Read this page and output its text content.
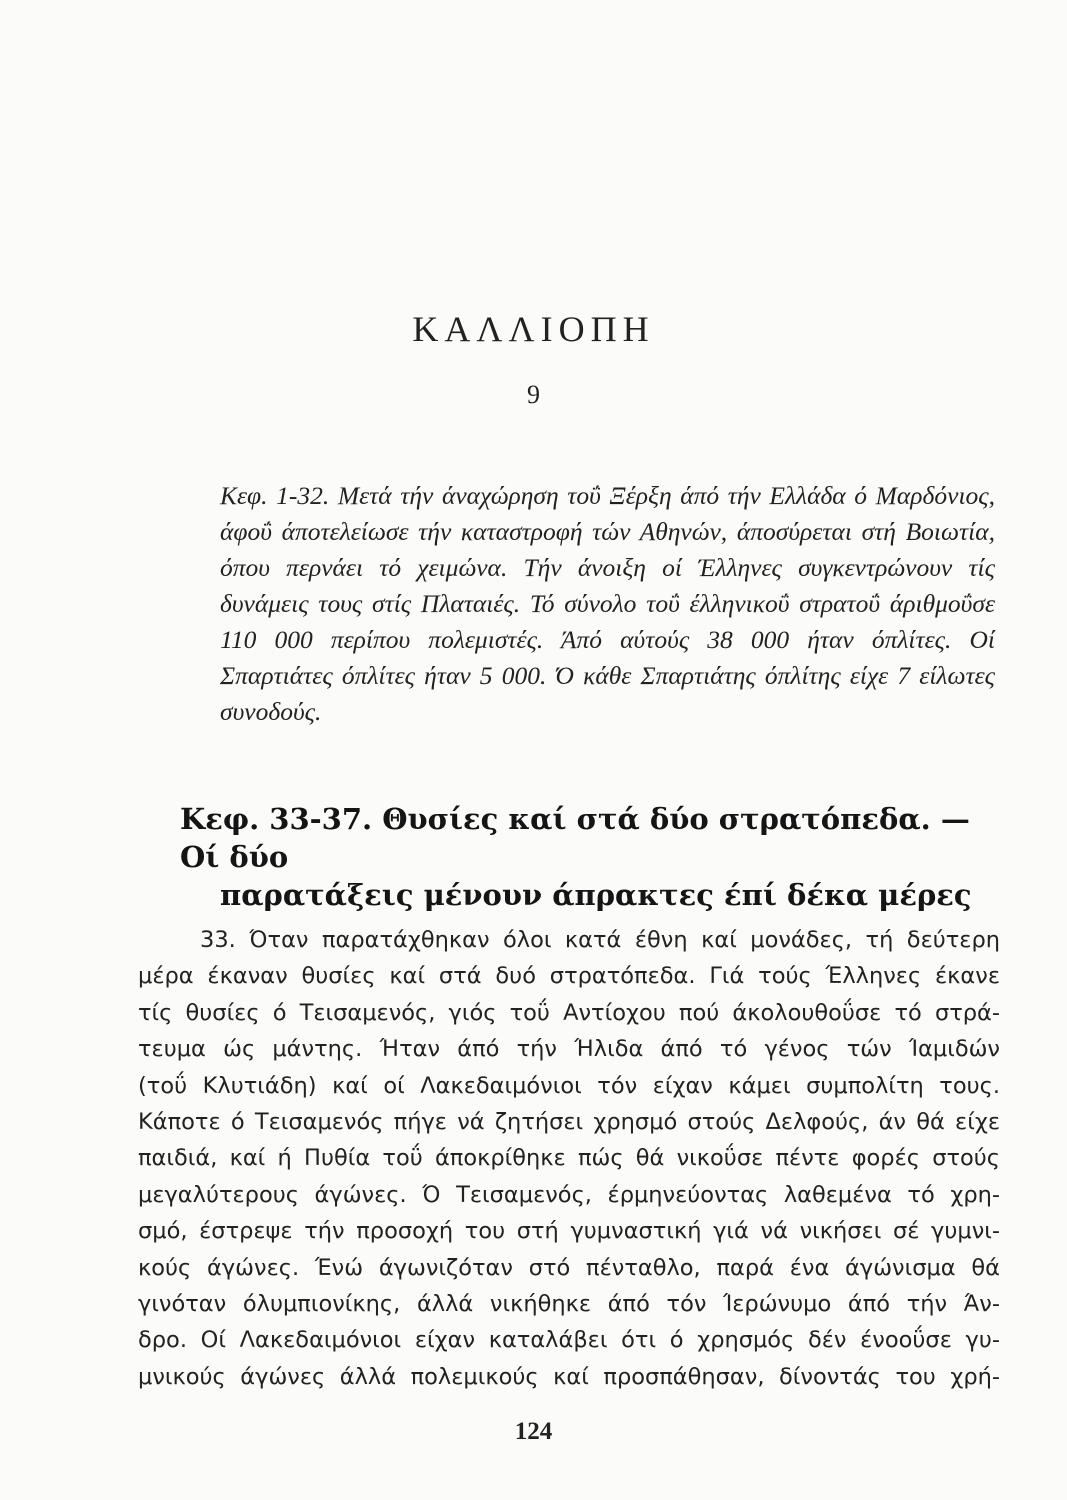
ΚΑΛΛΙΟΠΗ
9
Κεφ. 1-32. Μετά τήν άναχώρηση τοΰ Ξέρξη άπό τήν Ελλάδα ό Μαρδόνιος, άφοΰ άποτελείωσε τήν καταστροφή τών Αθηνών, άποσύρεται στή Βοιωτία, όπου περνάει τό χειμώνα. Τήν άνοιξη οί Έλληνες συγκεντρώνουν τίς δυνάμεις τους στίς Πλαταιές. Τό σύνολο τοΰ έλληνικοΰ στρατοΰ άριθμοΰσε 110 000 περίπου πολεμιστές. Άπό αύτούς 38 000 ήταν όπλίτες. Οί Σπαρτιάτες όπλίτες ήταν 5 000. Ό κάθε Σπαρτιάτης όπλίτης είχε 7 είλωτες συνοδούς.
Κεφ. 33-37. Θυσίες καί στά δύο στρατόπεδα. — Οί δύο
παρατάξεις μένουν άπρακτες έπί δέκα μέρες
33. Όταν παρατάχθηκαν όλοι κατά έθνη καί μονάδες, τή δεύτερη
μέρα έκαναν θυσίες καί στά δυό στρατόπεδα. Γιά τούς Έλληνες έκανε
τίς θυσίες ό Τεισαμενός, γιός τοΰ Αντίοχου πού άκολουθοΰσε τό στρά-
τευμα ώς μάντης. Ήταν άπό τήν Ήλιδα άπό τό γένος τών Ίαμιδών
(τοΰ Κλυτιάδη) καί οί Λακεδαιμόνιοι τόν είχαν κάμει συμπολίτη τους.
Κάποτε ό Τεισαμενός πήγε νά ζητήσει χρησμό στούς Δελφούς, άν θά είχε
παιδιά, καί ή Πυθία τοΰ άποκρίθηκε πώς θά νικοΰσε πέντε φορές στούς
μεγαλύτερους άγώνες. Ό Τεισαμενός, έρμηνεύοντας λαθεμένα τό χρη-
σμό, έστρεψε τήν προσοχή του στή γυμναστική γιά νά νικήσει σέ γυμνι-
κούς άγώνες. Ένώ άγωνιζόταν στό πένταθλο, παρά ένα άγώνισμα θά
γινόταν όλυμπιονίκης, άλλά νικήθηκε άπό τόν Ίερώνυμο άπό τήν Άν-
δρο. Οί Λακεδαιμόνιοι είχαν καταλάβει ότι ό χρησμός δέν ένοοΰσε γυ-
μνικούς άγώνες άλλά πολεμικούς καί προσπάθησαν, δίνοντάς του χρή-
124
